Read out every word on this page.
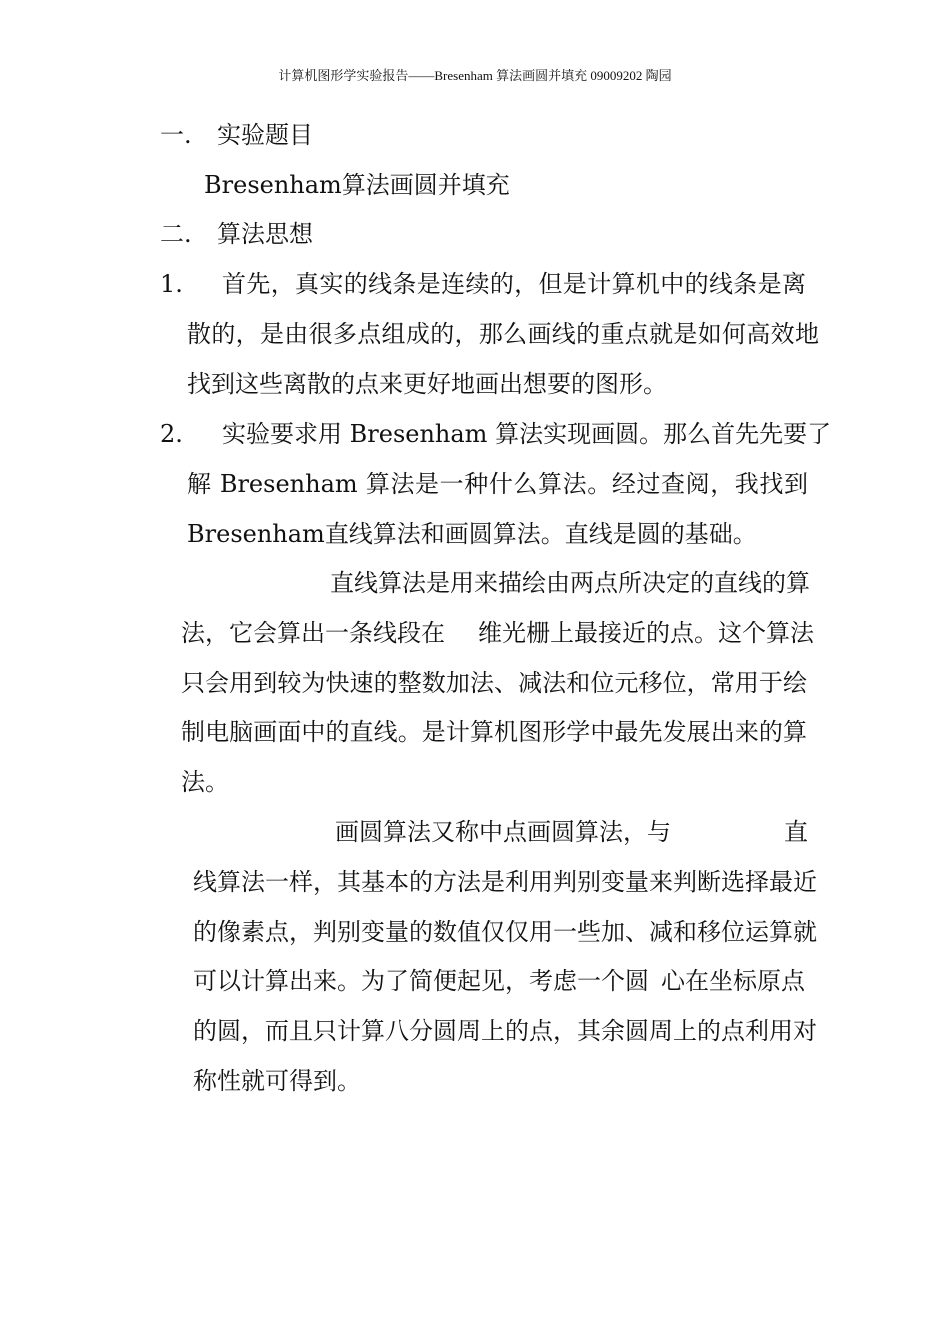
计算机图形学实验报告——Bresenham 算法画圆并填充 09009202 陶园
一. 实验题目
Bresenham算法画圆并填充
二. 算法思想
1. 首先，真实的线条是连续的，但是计算机中的线条是离
散的，是由很多点组成的，那么画线的重点就是如何高效地
找到这些离散的点来更好地画出想要的图形。
2. 实验要求用 Bresenham 算法实现画圆。那么首先先要了
解 Bresenham 算法是一种什么算法。经过查阅，我找到
Bresenham直线算法和画圆算法。直线是圆的基础。
直线算法是用来描绘由两点所决定的直线的算
法，它会算出一条线段在 维光栅上最接近的点。这个算法
只会用到较为快速的整数加法、减法和位元移位，常用于绘
制电脑画面中的直线。是计算机图形学中最先发展出来的算
法。
画圆算法又称中点画圆算法，与	直
线算法一样，其基本的方法是利用判别变量来判断选择最近
的像素点，判别变量的数值仅仅用一些加、减和移位运算就
可以计算出来。为了简便起见，考虑一个圆 心在坐标原点
的圆，而且只计算八分圆周上的点，其余圆周上的点利用对
称性就可得到。
